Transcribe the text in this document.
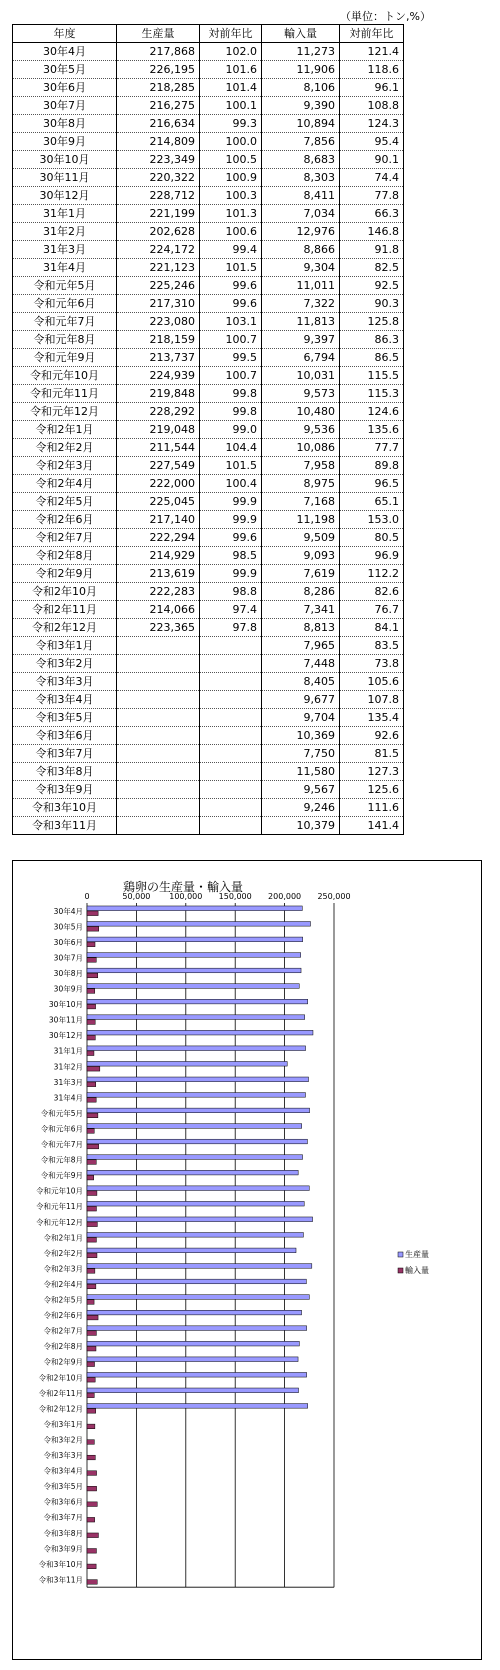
（単位：トン,%）
年度	生産量	対前年比	輸入量	対前年比
30年4月	217,868	102.0	11,273	121.4
30年5月	226,195	101.6	11,906	118.6
30年6月	218,285	101.4	8,106	96.1
30年7月	216,275	100.1	9,390	108.8
30年8月	216,634	99.3	10,894	124.3
30年9月	214,809	100.0	7,856	95.4
30年10月	223,349	100.5	8,683	90.1
30年11月	220,322	100.9	8,303	74.4
30年12月	228,712	100.3	8,411	77.8
31年1月	221,199	101.3	7,034	66.3
31年2月	202,628	100.6	12,976	146.8
31年3月	224,172	99.4	8,866	91.8
31年4月	221,123	101.5	9,304	82.5
令和元年5月	225,246	99.6	11,011	92.5
令和元年6月	217,310	99.6	7,322	90.3
令和元年7月	223,080	103.1	11,813	125.8
令和元年8月	218,159	100.7	9,397	86.3
令和元年9月	213,737	99.5	6,794	86.5
令和元年10月	224,939	100.7	10,031	115.5
令和元年11月	219,848	99.8	9,573	115.3
令和元年12月	228,292	99.8	10,480	124.6
令和2年1月	219,048	99.0	9,536	135.6
令和2年2月	211,544	104.4	10,086	77.7
令和2年3月	227,549	101.5	7,958	89.8
令和2年4月	222,000	100.4	8,975	96.5
令和2年5月	225,045	99.9	7,168	65.1
令和2年6月	217,140	99.9	11,198	153.0
令和2年7月	222,294	99.6	9,509	80.5
令和2年8月	214,929	98.5	9,093	96.9
令和2年9月	213,619	99.9	7,619	112.2
令和2年10月	222,283	98.8	8,286	82.6
令和2年11月	214,066	97.4	7,341	76.7
令和2年12月	223,365	97.8	8,813	84.1
令和3年1月			7,965	83.5
令和3年2月			7,448	73.8
令和3年3月			8,405	105.6
令和3年4月			9,677	107.8
令和3年5月			9,704	135.4
令和3年6月			10,369	92.6
令和3年7月			7,750	81.5
令和3年8月			11,580	127.3
令和3年9月			9,567	125.6
令和3年10月			9,246	111.6
令和3年11月			10,379	141.4
鶏卵の生産量・輸入量
0	50,000 100,000 150,000 200,000 250,000
30年4月
30年5月
30年6月
30年7月
30年8月
30年9月
30年10月
30年11月
30年12月
31年1月
31年2月
31年3月
31年4月
令和元年5月
令和元年6月
令和元年7月
令和元年8月
令和元年9月
令和元年10月
令和元年11月
令和元年12月
令和2年1月
令和2年2月
令和2年3月
令和2年4月
令和2年5月
令和2年6月
令和2年7月
令和2年8月
令和2年9月
令和2年10月
令和2年11月
令和2年12月
令和3年1月
令和3年2月
令和3年3月
令和3年4月
令和3年5月
令和3年6月
令和3年7月
令和3年8月
令和3年9月
令和3年10月
令和3年11月
生産量
輸入量
